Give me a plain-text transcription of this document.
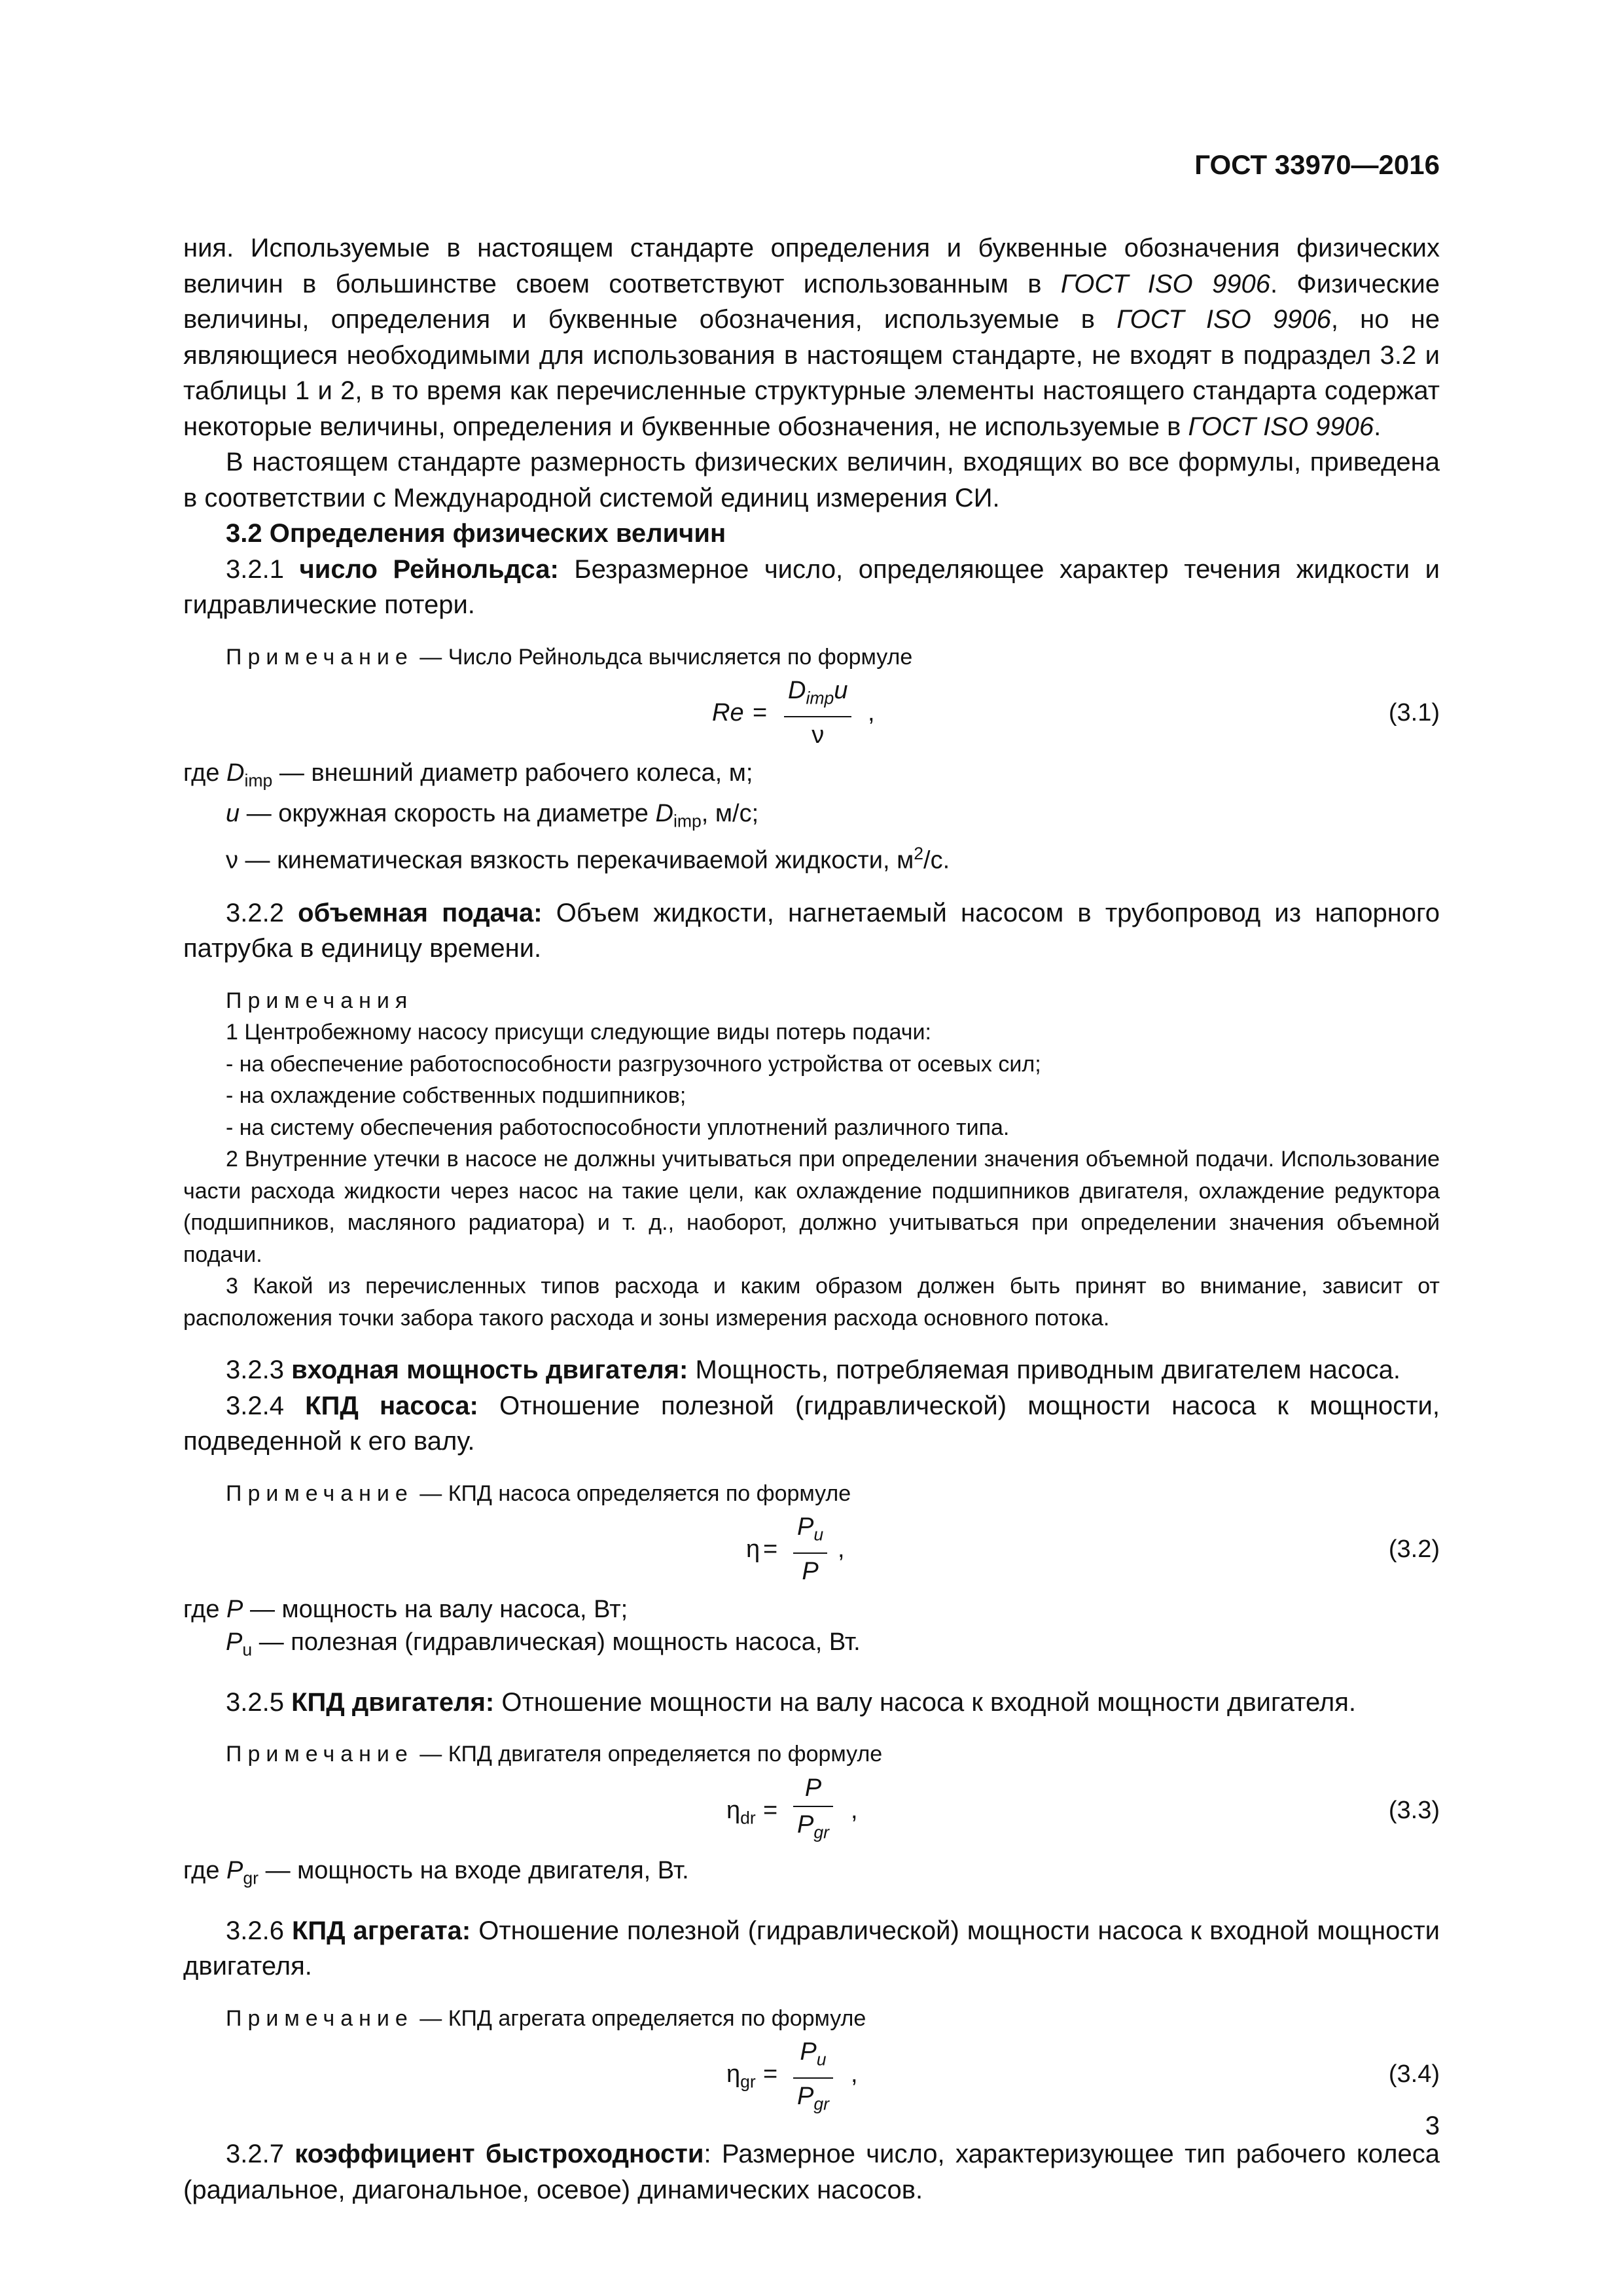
ГОСТ 33970—2016

ния. Используемые в настоящем стандарте определения и буквенные обозначения физических величин в большинстве своем соответствуют использованным в ГОСТ ISO 9906. Физические величины, определения и буквенные обозначения, используемые в ГОСТ ISO 9906, но не являющиеся необходимыми для использования в настоящем стандарте, не входят в подраздел 3.2 и таблицы 1 и 2, в то время как перечисленные структурные элементы настоящего стандарта содержат некоторые величины, определения и буквенные обозначения, не используемые в ГОСТ ISO 9906.

В настоящем стандарте размерность физических величин, входящих во все формулы, приведена в соответствии с Международной системой единиц измерения СИ.

3.2 Определения физических величин

3.2.1 число Рейнольдса: Безразмерное число, определяющее характер течения жидкости и гидравлические потери.

Примечание — Число Рейнольдса вычисляется по формуле

Re =
$D_{imp}u$
ν
,	(3.1)
где $D_{imp}$ — внешний диаметр рабочего колеса, м;
u — окружная скорость на диаметре $D_{imp}$, м/с;
ν — кинематическая вязкость перекачиваемой жидкости, $м^2/с$.

3.2.2 объемная подача: Объем жидкости, нагнетаемый насосом в трубопровод из напорного патрубка в единицу времени.

Примечания

1 Центробежному насосу присущи следующие виды потерь подачи:

- на обеспечение работоспособности разгрузочного устройства от осевых сил;

- на охлаждение собственных подшипников;

- на систему обеспечения работоспособности уплотнений различного типа.

2 Внутренние утечки в насосе не должны учитываться при определении значения объемной подачи. Использование части расхода жидкости через насос на такие цели, как охлаждение подшипников двигателя, охлаждение редуктора (подшипников, масляного радиатора) и т. д., наоборот, должно учитываться при определении значения объемной подачи.

3 Какой из перечисленных типов расхода и каким образом должен быть принят во внимание, зависит от расположения точки забора такого расхода и зоны измерения расхода основного потока.

3.2.3 входная мощность двигателя: Мощность, потребляемая приводным двигателем насоса.

3.2.4 КПД насоса: Отношение полезной (гидравлической) мощности насоса к мощности, подведенной к его валу.

Примечание — КПД насоса определяется по формуле

η =
$P_u$
P
,	(3.2)
где P — мощность на валу насоса, Вт;
$P_u$ — полезная (гидравлическая) мощность насоса, Вт.

3.2.5 КПД двигателя: Отношение мощности на валу насоса к входной мощности двигателя.

Примечание — КПД двигателя определяется по формуле

$\eta_{dr}$ =
P
$P_{gr}$
,	(3.3)
где $P_{gr}$ — мощность на входе двигателя, Вт.

3.2.6 КПД агрегата: Отношение полезной (гидравлической) мощности насоса к входной мощности двигателя.

Примечание — КПД агрегата определяется по формуле

$\eta_{gr}$ =
$P_u$
$P_{gr}$
,	(3.4)

3.2.7 коэффициент быстроходности: Размерное число, характеризующее тип рабочего колеса (радиальное, диагональное, осевое) динамических насосов.

3
